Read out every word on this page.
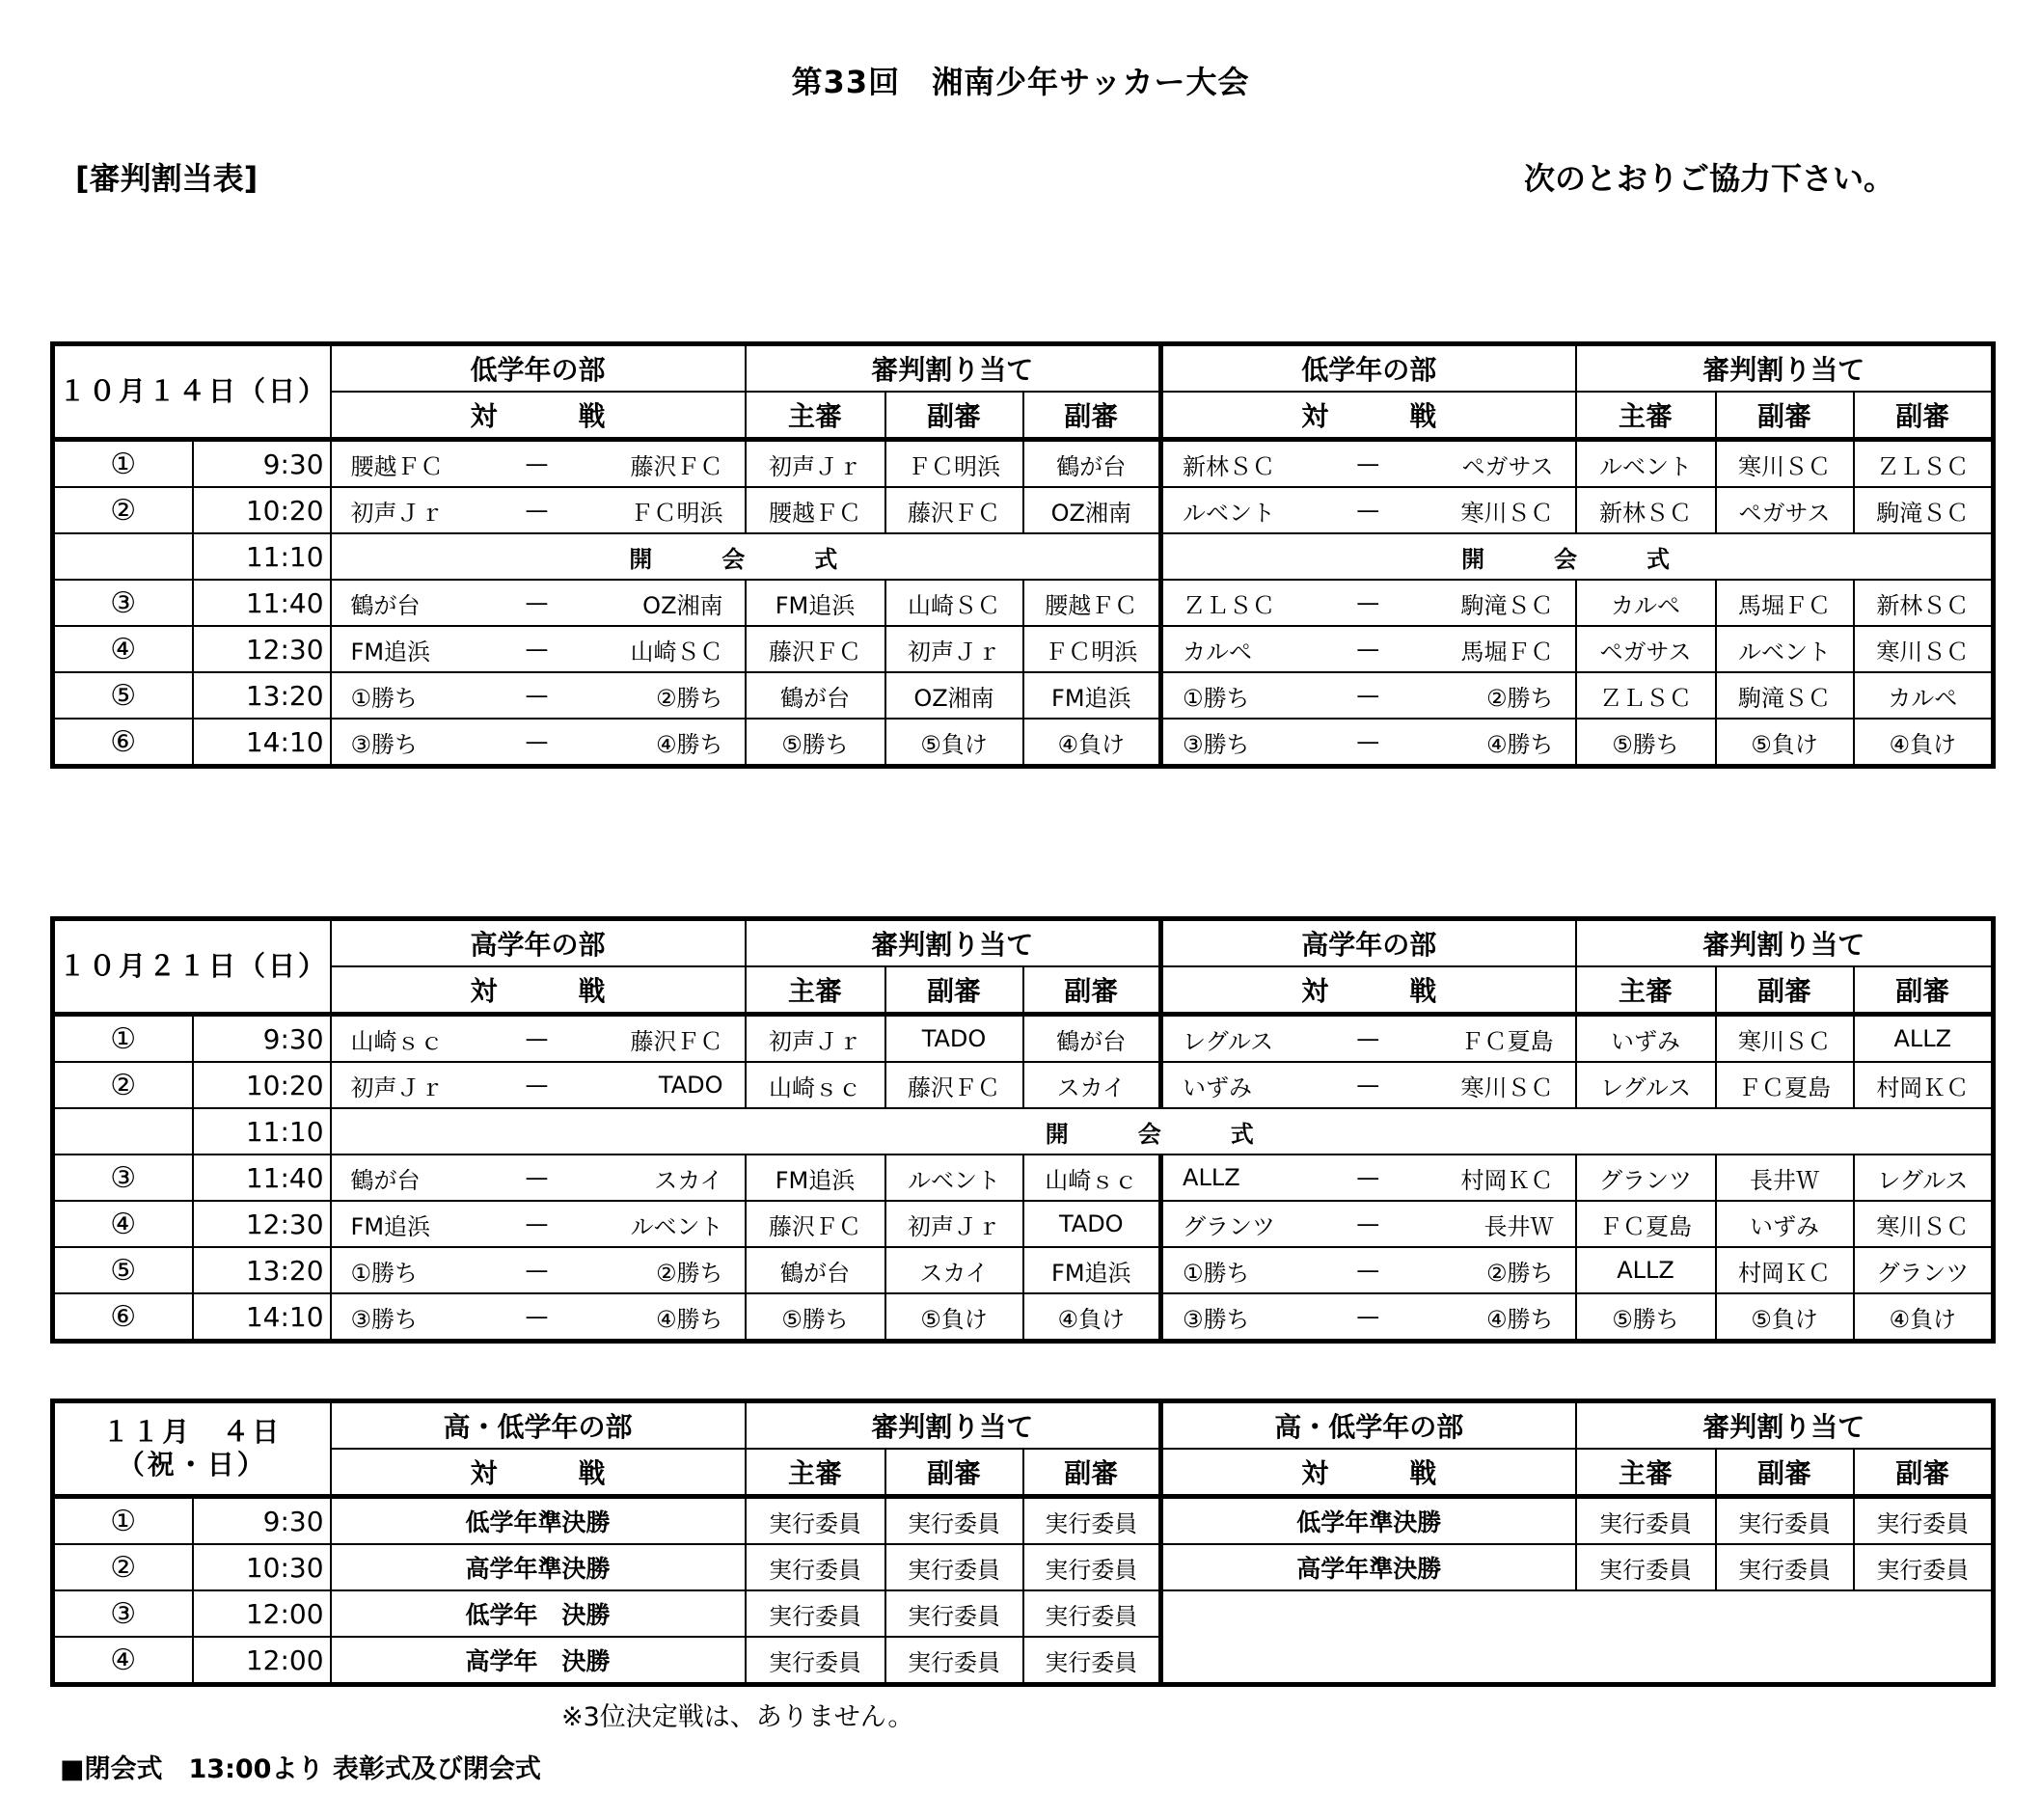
第33回　湘南少年サッカー大会
[審判割当表]	次のとおりご協力下さい。
１０月１４日（日）		低学年の部	審判割り当て			低学年の部	審判割り当て		
		対　　　戦	主審	副審	副審	対　　　戦	主審	副審	副審
①	9:30	腰越ＦＣ — 藤沢ＦＣ	初声Ｊｒ	ＦＣ明浜	鶴が台	新林ＳＣ — ペガサス	ルベント	寒川ＳＣ	ＺＬＳＣ
②	10:20	初声Ｊｒ — ＦＣ明浜	腰越ＦＣ	藤沢ＦＣ	OZ湘南	ルベント — 寒川ＳＣ	新林ＳＣ	ペガサス	駒滝ＳＣ
	11:10	開　会　式				開　会　式			
③	11:40	鶴が台 — OZ湘南	FM追浜	山崎ＳＣ	腰越ＦＣ	ＺＬＳＣ — 駒滝ＳＣ	カルペ	馬堀ＦＣ	新林ＳＣ
④	12:30	FM追浜 — 山崎ＳＣ	藤沢ＦＣ	初声Ｊｒ	ＦＣ明浜	カルペ — 馬堀ＦＣ	ペガサス	ルベント	寒川ＳＣ
⑤	13:20	①勝ち — ②勝ち	鶴が台	OZ湘南	FM追浜	①勝ち — ②勝ち	ＺＬＳＣ	駒滝ＳＣ	カルペ
⑥	14:10	③勝ち — ④勝ち	⑤勝ち	⑤負け	④負け	③勝ち — ④勝ち	⑤勝ち	⑤負け	④負け
１０月２１日（日）		高学年の部	審判割り当て			高学年の部	審判割り当て		
		対　　　戦	主審	副審	副審	対　　　戦	主審	副審	副審
①	9:30	山崎ｓｃ — 藤沢ＦＣ	初声Ｊｒ	TADO	鶴が台	レグルス — ＦＣ夏島	いずみ	寒川ＳＣ	ALLZ
②	10:20	初声Ｊｒ — TADO	山崎ｓｃ	藤沢ＦＣ	スカイ	いずみ — 寒川ＳＣ	レグルス	ＦＣ夏島	村岡ＫＣ
	11:10	開　会　式							
③	11:40	鶴が台 — スカイ	FM追浜	ルベント	山崎ｓｃ	ALLZ — 村岡ＫＣ	グランツ	長井Ｗ	レグルス
④	12:30	FM追浜 — ルベント	藤沢ＦＣ	初声Ｊｒ	TADO	グランツ — 長井Ｗ	ＦＣ夏島	いずみ	寒川ＳＣ
⑤	13:20	①勝ち — ②勝ち	鶴が台	スカイ	FM追浜	①勝ち — ②勝ち	ALLZ	村岡ＫＣ	グランツ
⑥	14:10	③勝ち — ④勝ち	⑤勝ち	⑤負け	④負け	③勝ち — ④勝ち	⑤勝ち	⑤負け	④負け
１１月　４日　　（祝・日）		高・低学年の部	審判割り当て			高・低学年の部	審判割り当て		
		対　　　戦	主審	副審	副審	対　　　戦	主審	副審	副審
①	9:30	低学年準決勝	実行委員	実行委員	実行委員	低学年準決勝	実行委員	実行委員	実行委員
②	10:30	高学年準決勝	実行委員	実行委員	実行委員	高学年準決勝	実行委員	実行委員	実行委員
③	12:00	低学年　決勝	実行委員	実行委員	実行委員				
④	12:00	高学年　決勝	実行委員	実行委員	実行委員				
※3位決定戦は、ありません。
■閉会式　13:00より 表彰式及び閉会式
